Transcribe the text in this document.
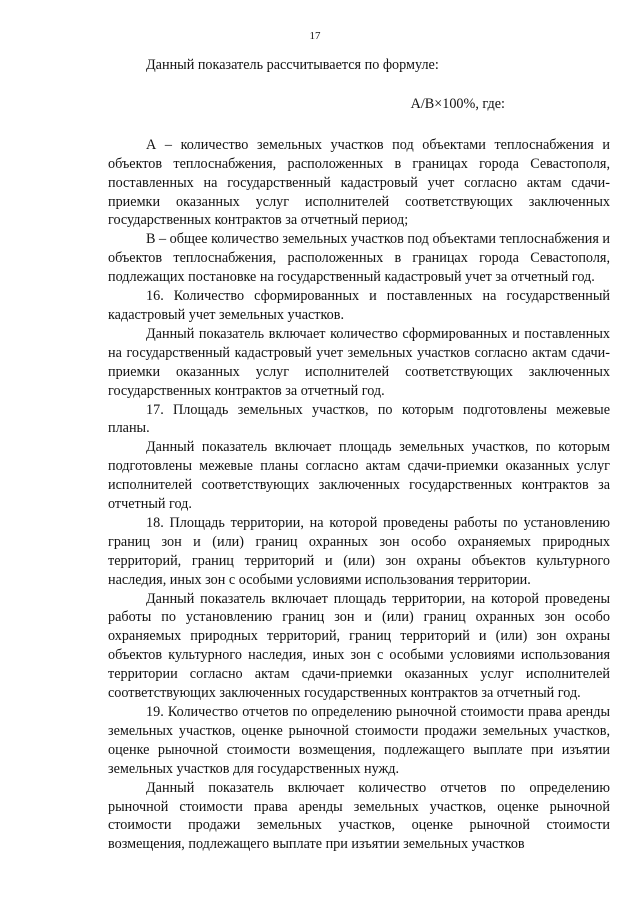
17

Данный показатель рассчитывается по формуле:

А/В×100%, где:

А – количество земельных участков под объектами теплоснабжения и объектов теплоснабжения, расположенных в границах города Севастополя, поставленных на государственный кадастровый учет согласно актам сдачи-приемки оказанных услуг исполнителей соответствующих заключенных государственных контрактов за отчетный период;

В – общее количество земельных участков под объектами теплоснабжения и объектов теплоснабжения, расположенных в границах города Севастополя, подлежащих постановке на государственный кадастровый учет за отчетный год.

16. Количество сформированных и поставленных на государственный кадастровый учет земельных участков.

Данный показатель включает количество сформированных и поставленных на государственный кадастровый учет земельных участков согласно актам сдачи-приемки оказанных услуг исполнителей соответствующих заключенных государственных контрактов за отчетный год.

17. Площадь земельных участков, по которым подготовлены межевые планы.

Данный показатель включает площадь земельных участков, по которым подготовлены межевые планы согласно актам сдачи-приемки оказанных услуг исполнителей соответствующих заключенных государственных контрактов за отчетный год.

18. Площадь территории, на которой проведены работы по установлению границ зон и (или) границ охранных зон особо охраняемых природных территорий, границ территорий и (или) зон охраны объектов культурного наследия, иных зон с особыми условиями использования территории.

Данный показатель включает площадь территории, на которой проведены работы по установлению границ зон и (или) границ охранных зон особо охраняемых природных территорий, границ территорий и (или) зон охраны объектов культурного наследия, иных зон с особыми условиями использования территории согласно актам сдачи-приемки оказанных услуг исполнителей соответствующих заключенных государственных контрактов за отчетный год.

19. Количество отчетов по определению рыночной стоимости права аренды земельных участков, оценке рыночной стоимости продажи земельных участков, оценке рыночной стоимости возмещения, подлежащего выплате при изъятии земельных участков для государственных нужд.

Данный показатель включает количество отчетов по определению рыночной стоимости права аренды земельных участков, оценке рыночной стоимости продажи земельных участков, оценке рыночной стоимости возмещения, подлежащего выплате при изъятии земельных участков
